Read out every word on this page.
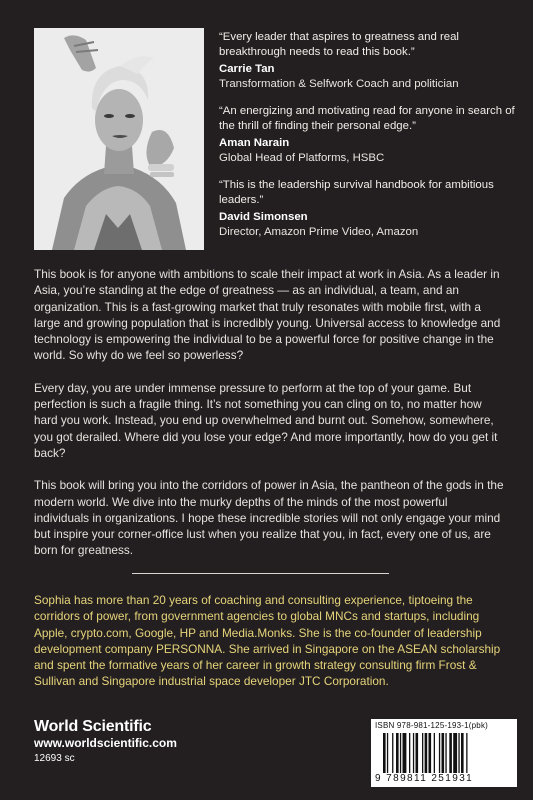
“Every leader that aspires to greatness and real breakthrough needs to read this book.”

Carrie Tan

Transformation & Selfwork Coach and politician

“An energizing and motivating read for anyone in search of the thrill of finding their personal edge.”

Aman Narain

Global Head of Platforms, HSBC

“This is the leadership survival handbook for ambitious leaders.”

David Simonsen

Director, Amazon Prime Video, Amazon

This book is for anyone with ambitions to scale their impact at work in Asia. As a leader in Asia, you’re standing at the edge of greatness — as an individual, a team, and an organization. This is a fast-growing market that truly resonates with mobile first, with a large and growing population that is incredibly young. Universal access to knowledge and technology is empowering the individual to be a powerful force for positive change in the world. So why do we feel so powerless?

Every day, you are under immense pressure to perform at the top of your game. But perfection is such a fragile thing. It’s not something you can cling on to, no matter how hard you work. Instead, you end up overwhelmed and burnt out. Somehow, somewhere, you got derailed. Where did you lose your edge? And more importantly, how do you get it back?

This book will bring you into the corridors of power in Asia, the pantheon of the gods in the modern world. We dive into the murky depths of the minds of the most powerful individuals in organizations. I hope these incredible stories will not only engage your mind but inspire your corner-office lust when you realize that you, in fact, every one of us, are born for greatness.

Sophia has more than 20 years of coaching and consulting experience, tiptoeing the corridors of power, from government agencies to global MNCs and startups, including Apple, crypto.com, Google, HP and Media.Monks. She is the co-founder of leadership development company PERSONNA. She arrived in Singapore on the ASEAN scholarship and spent the formative years of her career in growth strategy consulting firm Frost & Sullivan and Singapore industrial space developer JTC Corporation.

World Scientific
www.worldscientific.com
12693 sc
ISBN 978-981-125-193-1(pbk)
9 789811 251931
